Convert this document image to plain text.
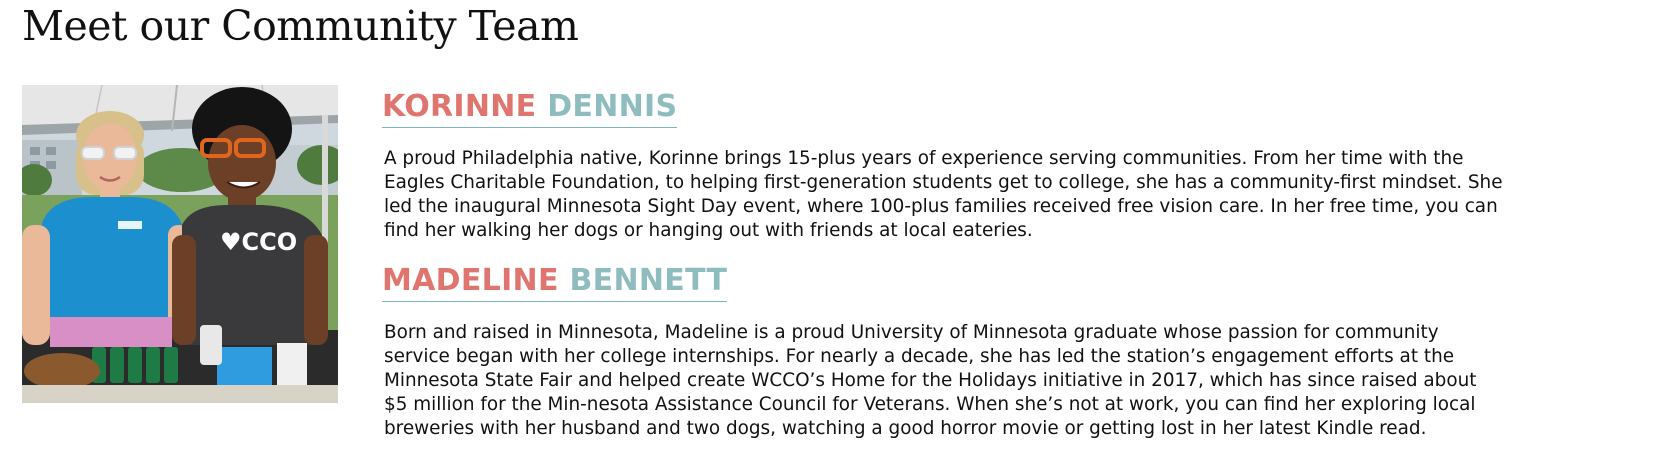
Meet our Community Team
♥CCO
KORINNE DENNIS

A proud Philadelphia native, Korinne brings 15-plus years of experience serving communities. From her time with the Eagles Charitable Foundation, to helping first-generation students get to college, she has a community-first mindset. She led the inaugural Minnesota Sight Day event, where 100-plus families received free vision care. In her free time, you can find her walking her dogs or hanging out with friends at local eateries.

MADELINE BENNETT

Born and raised in Minnesota, Madeline is a proud University of Minnesota graduate whose passion for community service began with her college internships. For nearly a decade, she has led the station’s engagement efforts at the Minnesota State Fair and helped create WCCO’s Home for the Holidays initiative in 2017, which has since raised about $5 million for the Min-nesota Assistance Council for Veterans. When she’s not at work, you can find her exploring local breweries with her husband and two dogs, watching a good horror movie or getting lost in her latest Kindle read.
